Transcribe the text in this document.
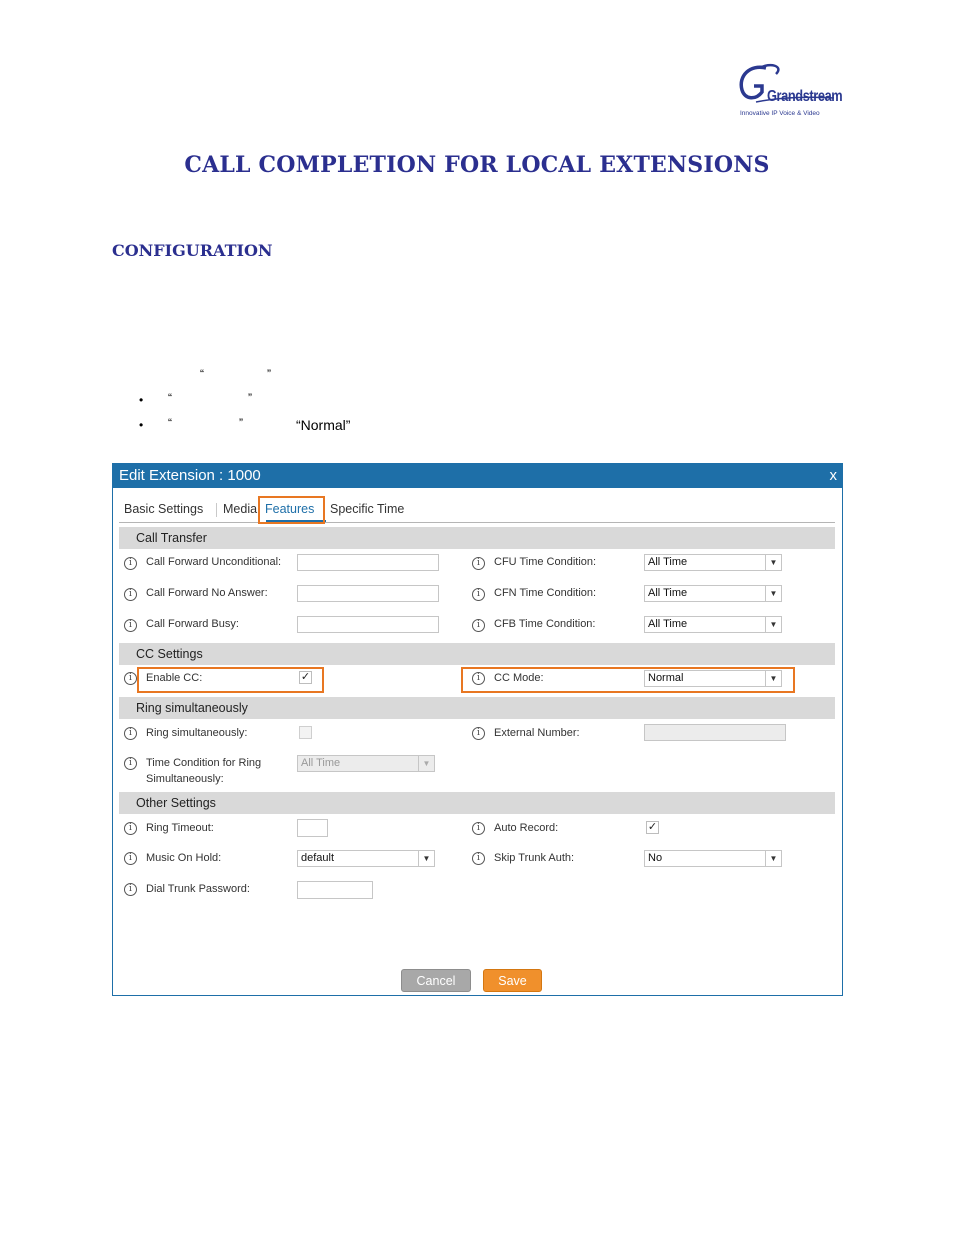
Grandstream
Innovative IP Voice & Video
CALL COMPLETION FOR LOCAL EXTENSIONS
CONFIGURATION
“	”
• “	”
• “	”	“Normal”
Edit Extension : 1000	x
Basic Settings Media Features Specific Time
Call Transfer
i	Call Forward Unconditional:	i	CFU Time Condition:	All Time	▼
i	Call Forward No Answer:	i	CFN Time Condition:	All Time	▼
i	Call Forward Busy:	i	CFB Time Condition:	All Time	▼
CC Settings
i	Enable CC:	✓	i	CC Mode:	Normal	▼
Ring simultaneously
i	Ring simultaneously:	i	External Number:
i	Time Condition for Ring
Simultaneously:
All Time	▼
Other Settings
i	Ring Timeout:	i	Auto Record:	✓
i	Music On Hold:	default	▼	i	Skip Trunk Auth:	No	▼
i	Dial Trunk Password:
Cancel	Save
